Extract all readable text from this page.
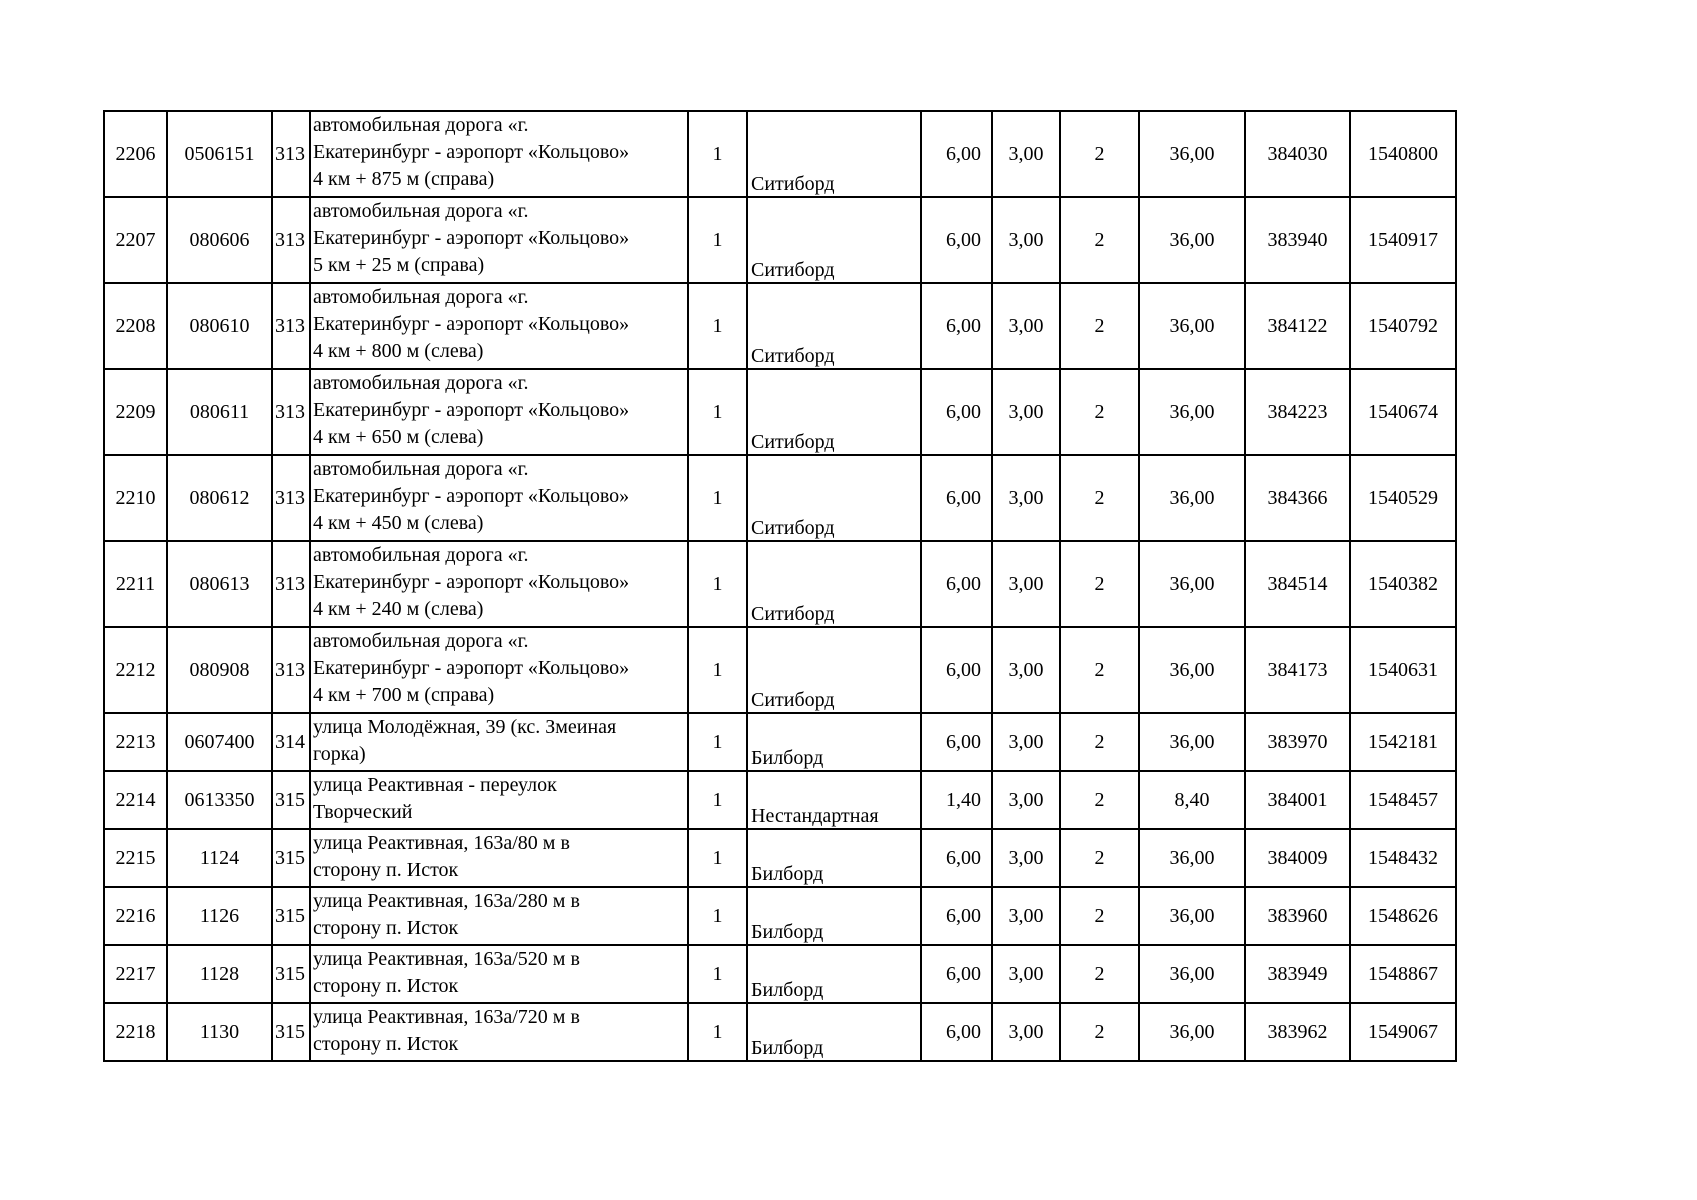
2206	0506151	313	автомобильная дорога «г.
Екатеринбург - аэропорт «Кольцово»
4 км + 875 м (справа)	1	Ситиборд	6,00	3,00	2	36,00	384030	1540800
2207	080606	313	автомобильная дорога «г.
Екатеринбург - аэропорт «Кольцово»
5 км + 25 м (справа)	1	Ситиборд	6,00	3,00	2	36,00	383940	1540917
2208	080610	313	автомобильная дорога «г.
Екатеринбург - аэропорт «Кольцово»
4 км + 800 м (слева)	1	Ситиборд	6,00	3,00	2	36,00	384122	1540792
2209	080611	313	автомобильная дорога «г.
Екатеринбург - аэропорт «Кольцово»
4 км + 650 м (слева)	1	Ситиборд	6,00	3,00	2	36,00	384223	1540674
2210	080612	313	автомобильная дорога «г.
Екатеринбург - аэропорт «Кольцово»
4 км + 450 м (слева)	1	Ситиборд	6,00	3,00	2	36,00	384366	1540529
2211	080613	313	автомобильная дорога «г.
Екатеринбург - аэропорт «Кольцово»
4 км + 240 м (слева)	1	Ситиборд	6,00	3,00	2	36,00	384514	1540382
2212	080908	313	автомобильная дорога «г.
Екатеринбург - аэропорт «Кольцово»
4 км + 700 м (справа)	1	Ситиборд	6,00	3,00	2	36,00	384173	1540631
2213	0607400	314	улица Молодёжная, 39 (кс. Змеиная
горка)	1	Билборд	6,00	3,00	2	36,00	383970	1542181
2214	0613350	315	улица Реактивная - переулок
Творческий	1	Нестандартная	1,40	3,00	2	8,40	384001	1548457
2215	1124	315	улица Реактивная, 163а/80 м в
сторону п. Исток	1	Билборд	6,00	3,00	2	36,00	384009	1548432
2216	1126	315	улица Реактивная, 163а/280 м в
сторону п. Исток	1	Билборд	6,00	3,00	2	36,00	383960	1548626
2217	1128	315	улица Реактивная, 163а/520 м в
сторону п. Исток	1	Билборд	6,00	3,00	2	36,00	383949	1548867
2218	1130	315	улица Реактивная, 163а/720 м в
сторону п. Исток	1	Билборд	6,00	3,00	2	36,00	383962	1549067
